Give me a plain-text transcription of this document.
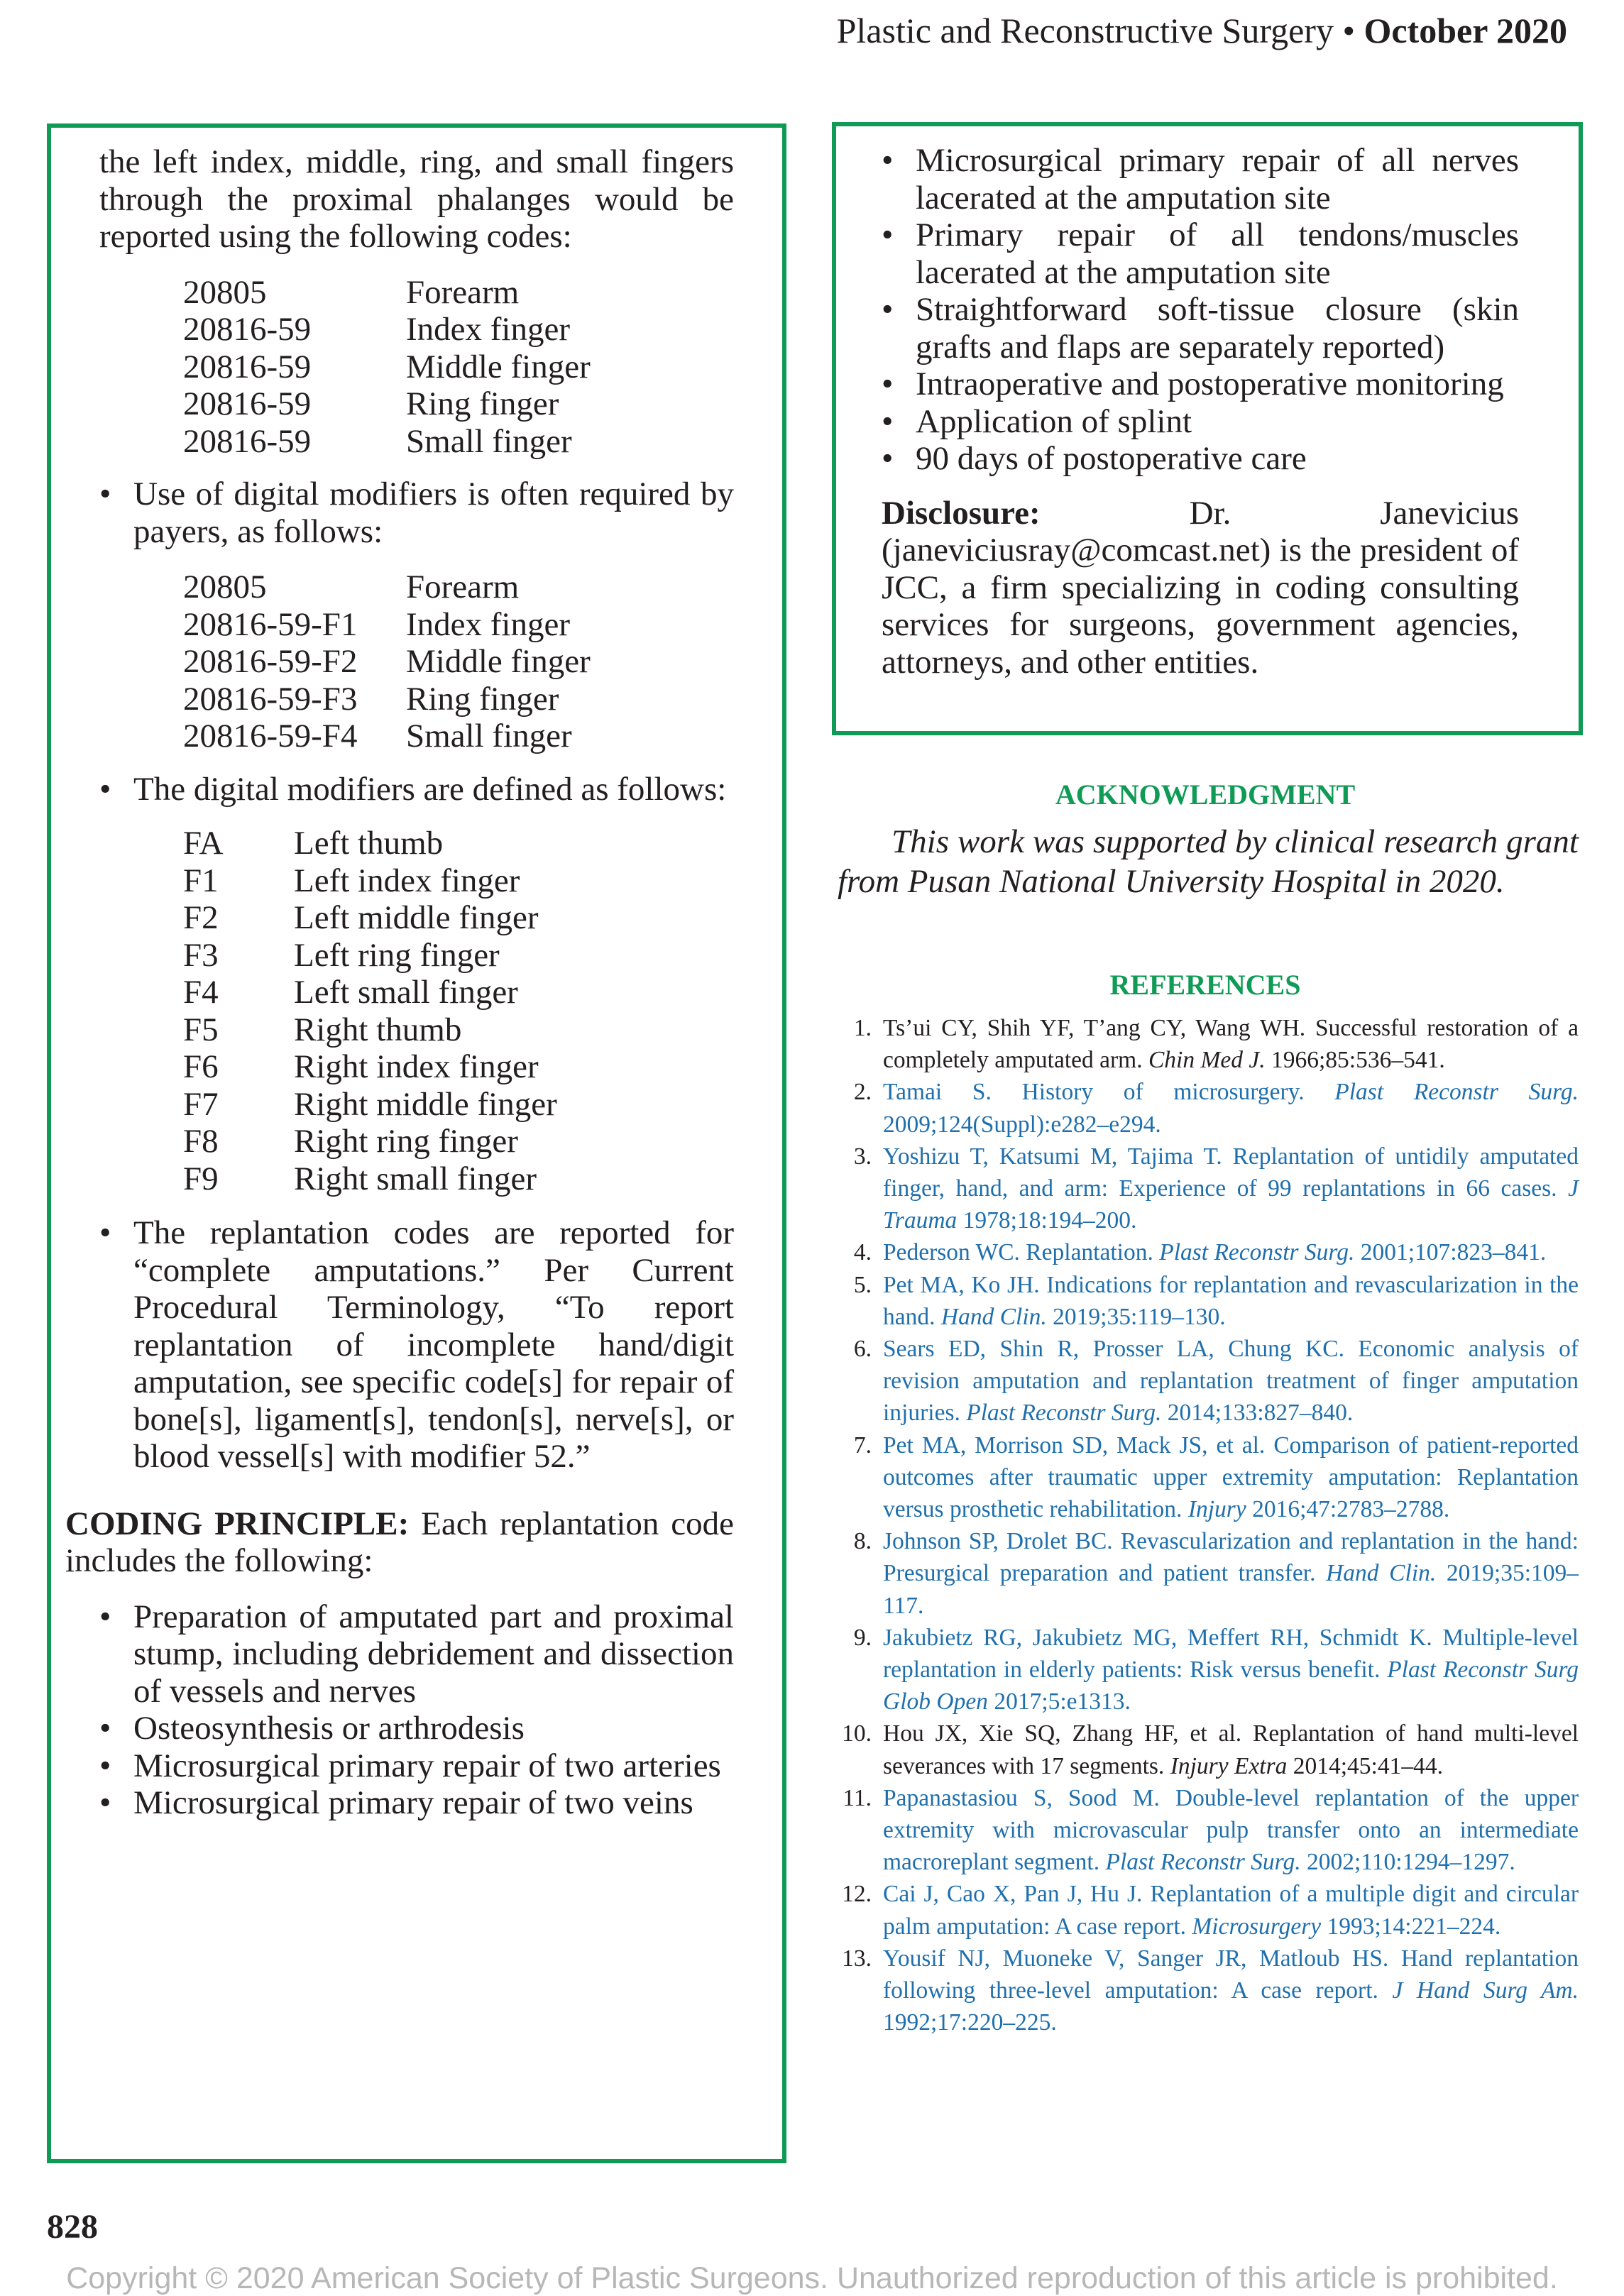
Plastic and Reconstructive Surgery • October 2020

the left index, middle, ring, and small fingers through the proximal phalanges would be reported using the following codes:

20805	Forearm
20816-59	Index finger
20816-59	Middle finger
20816-59	Ring finger
20816-59	Small finger

• Use of digital modifiers is often required by payers, as follows:

20805	Forearm
20816-59-F1	Index finger
20816-59-F2	Middle finger
20816-59-F3	Ring finger
20816-59-F4	Small finger

• The digital modifiers are defined as follows:

FA	Left thumb
F1	Left index finger
F2	Left middle finger
F3	Left ring finger
F4	Left small finger
F5	Right thumb
F6	Right index finger
F7	Right middle finger
F8	Right ring finger
F9	Right small finger

• The replantation codes are reported for “complete amputations.” Per Current Procedural Terminology, “To report replantation of incomplete hand/digit amputation, see specific code[s] for repair of bone[s], ligament[s], tendon[s], nerve[s], or blood vessel[s] with modifier 52.”

CODING PRINCIPLE: Each replantation code includes the following:

• Preparation of amputated part and proximal stump, including debridement and dissection of vessels and nerves

• Osteosynthesis or arthrodesis

• Microsurgical primary repair of two arteries

• Microsurgical primary repair of two veins

• Microsurgical primary repair of all nerves lacerated at the amputation site

• Primary repair of all tendons/muscles lacerated at the amputation site

• Straightforward soft-tissue closure (skin grafts and flaps are separately reported)

• Intraoperative and postoperative monitoring

• Application of splint

• 90 days of postoperative care

Disclosure: Dr. Janevicius (janeviciusray@comcast.net) is the president of JCC, a firm specializing in coding consulting services for surgeons, government agencies, attorneys, and other entities.

ACKNOWLEDGMENT

This work was supported by clinical research grant from Pusan National University Hospital in 2020.

REFERENCES

1. Ts’ui CY, Shih YF, T’ang CY, Wang WH. Successful restoration of a completely amputated arm. Chin Med J. 1966;85:536–541.

2. Tamai S. History of microsurgery. Plast Reconstr Surg. 2009;124(Suppl):e282–e294.

3. Yoshizu T, Katsumi M, Tajima T. Replantation of untidily amputated finger, hand, and arm: Experience of 99 replantations in 66 cases. J Trauma 1978;18:194–200.

4. Pederson WC. Replantation. Plast Reconstr Surg. 2001;107:823–841.

5. Pet MA, Ko JH. Indications for replantation and revascularization in the hand. Hand Clin. 2019;35:119–130.

6. Sears ED, Shin R, Prosser LA, Chung KC. Economic analysis of revision amputation and replantation treatment of finger amputation injuries. Plast Reconstr Surg. 2014;133:827–840.

7. Pet MA, Morrison SD, Mack JS, et al. Comparison of patient-reported outcomes after traumatic upper extremity amputation: Replantation versus prosthetic rehabilitation. Injury 2016;47:2783–2788.

8. Johnson SP, Drolet BC. Revascularization and replantation in the hand: Presurgical preparation and patient transfer. Hand Clin. 2019;35:109–117.

9. Jakubietz RG, Jakubietz MG, Meffert RH, Schmidt K. Multiple-level replantation in elderly patients: Risk versus benefit. Plast Reconstr Surg Glob Open 2017;5:e1313.

10. Hou JX, Xie SQ, Zhang HF, et al. Replantation of hand multi-level severances with 17 segments. Injury Extra 2014;45:41–44.

11. Papanastasiou S, Sood M. Double-level replantation of the upper extremity with microvascular pulp transfer onto an intermediate macroreplant segment. Plast Reconstr Surg. 2002;110:1294–1297.

12. Cai J, Cao X, Pan J, Hu J. Replantation of a multiple digit and circular palm amputation: A case report. Microsurgery 1993;14:221–224.

13. Yousif NJ, Muoneke V, Sanger JR, Matloub HS. Hand replantation following three-level amputation: A case report. J Hand Surg Am. 1992;17:220–225.

828
Copyright © 2020 American Society of Plastic Surgeons. Unauthorized reproduction of this article is prohibited.
